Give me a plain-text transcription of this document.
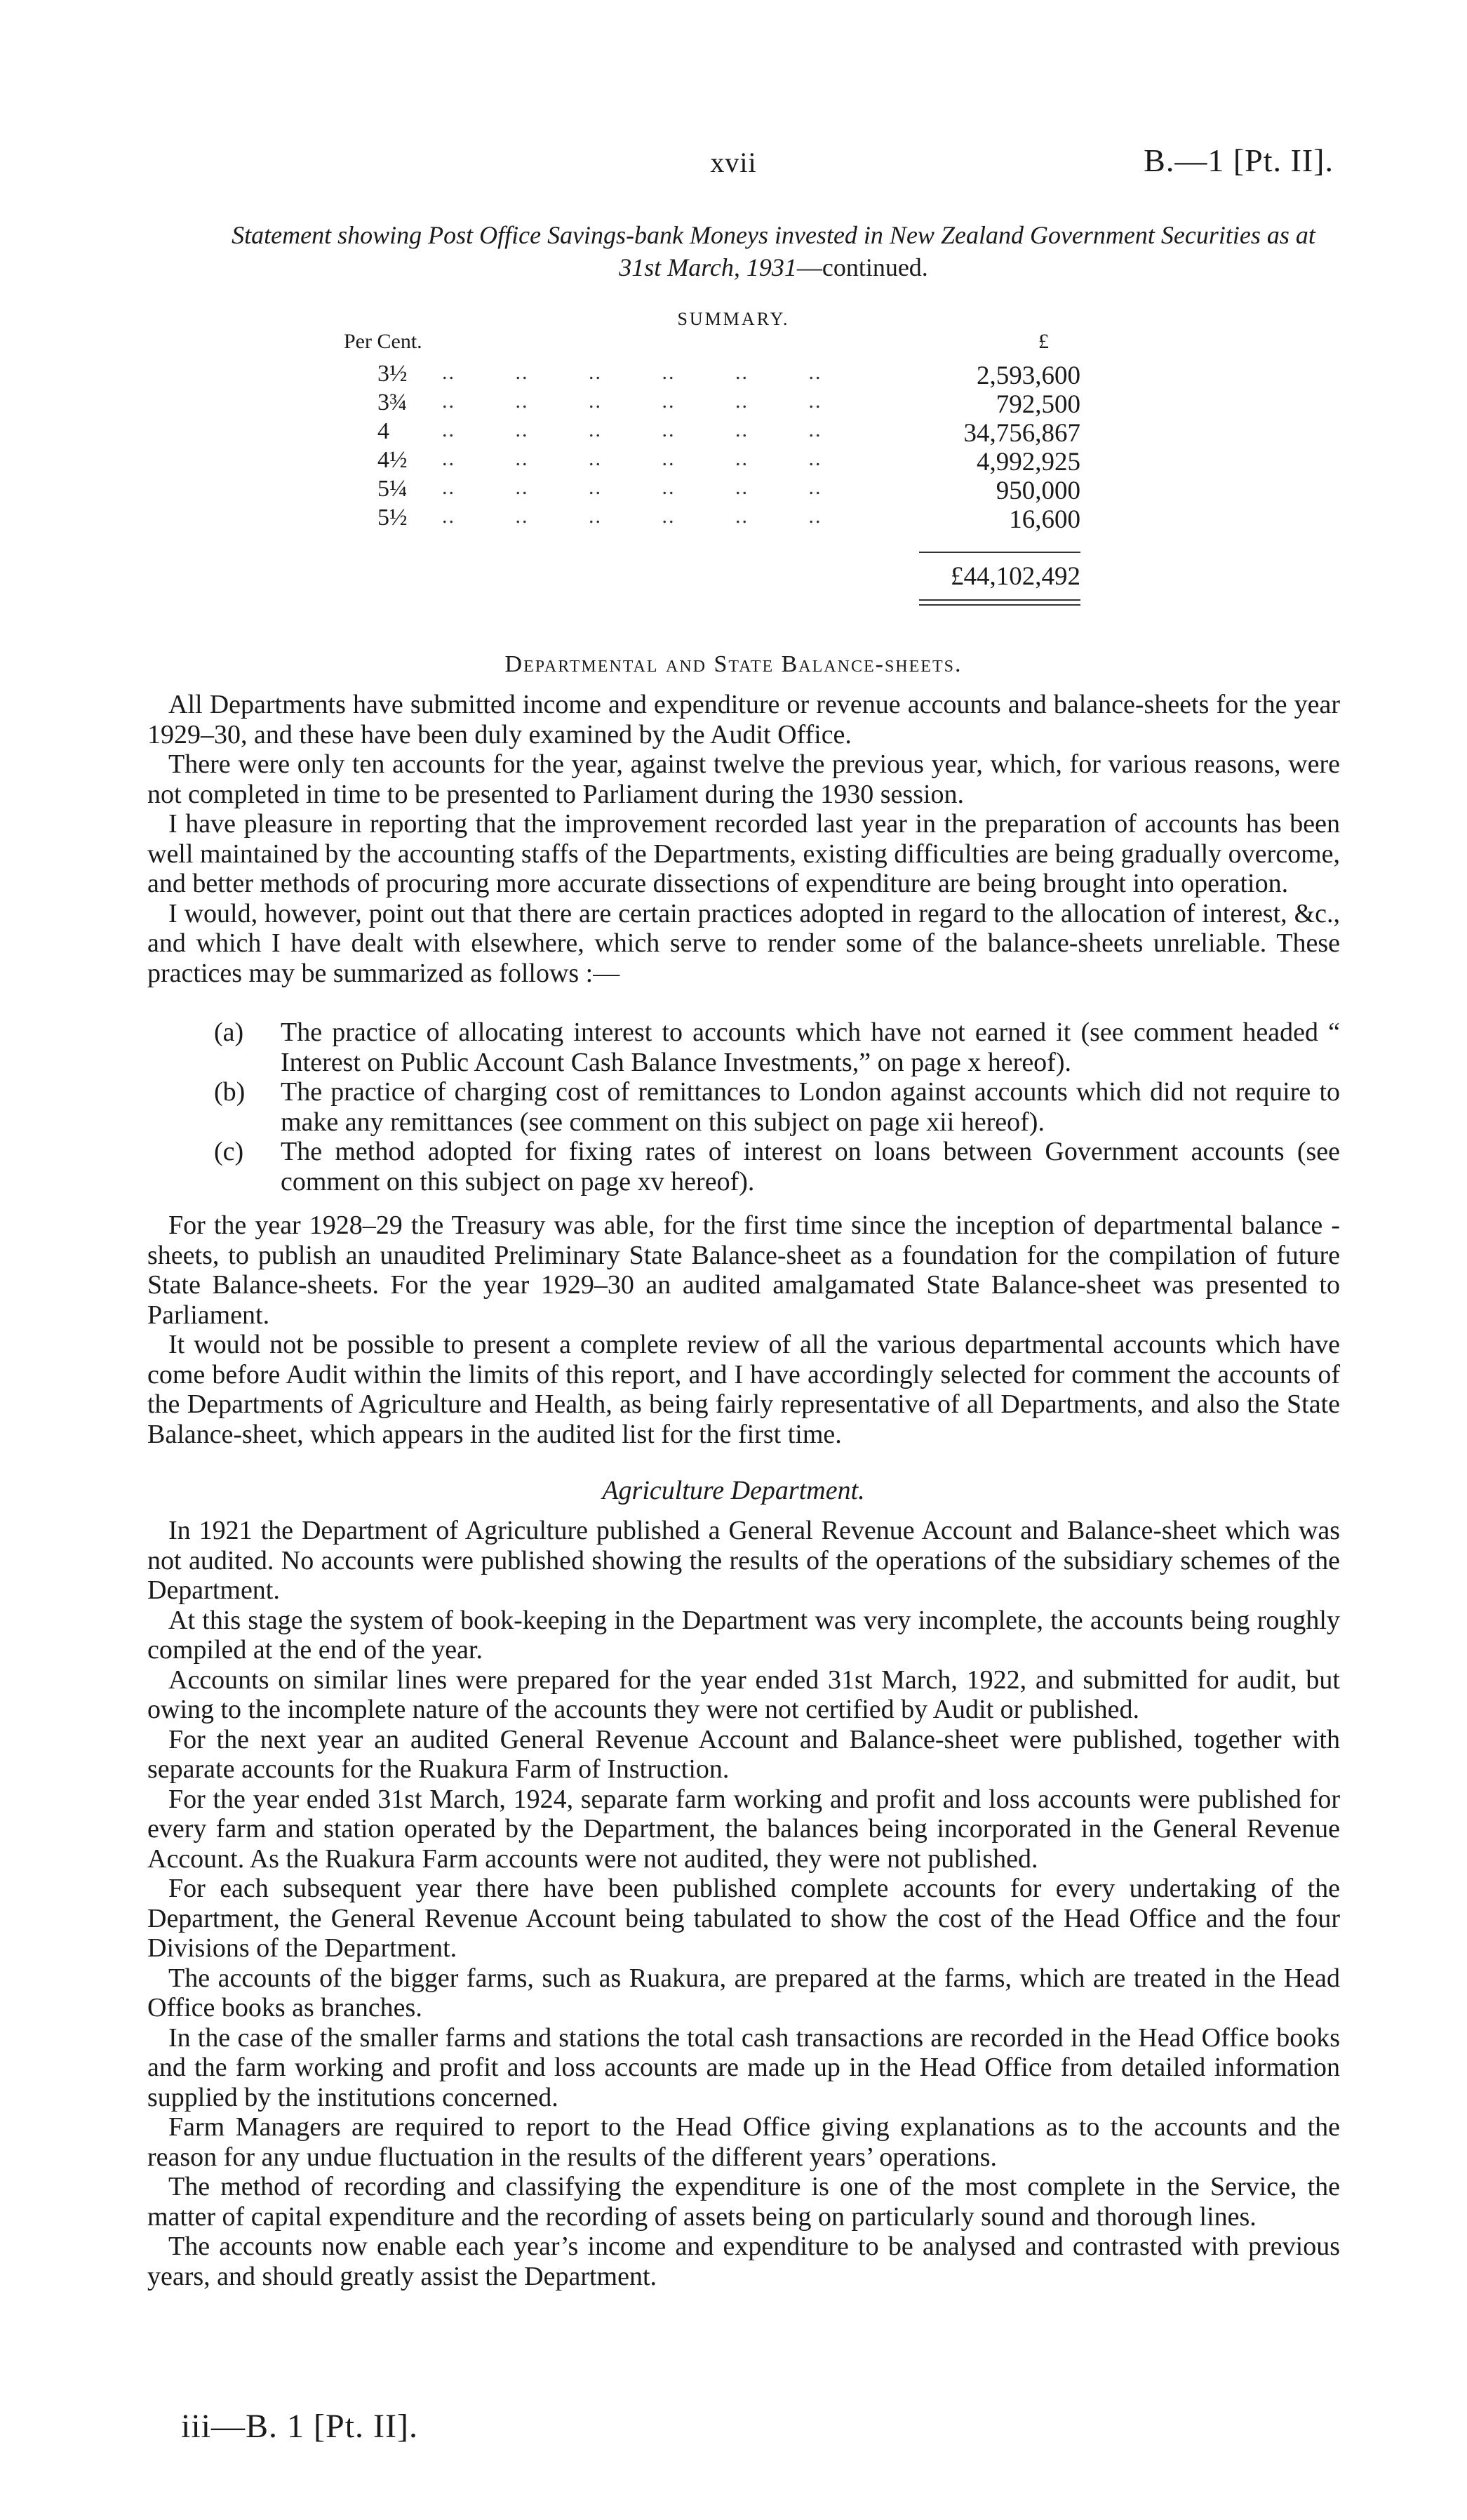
xvii	B.—1 [Pt. II].
Statement showing Post Office Savings-bank Moneys invested in New Zealand Government Securities as at 31st March, 1931—continued.
SUMMARY.
Per Cent.	£
3½ ..         ..         ..         ..         ..         ..	2,593,600
3¾ ..         ..         ..         ..         ..         ..	792,500
4	..         ..         ..         ..         ..         ..	34,756,867
4½ ..         ..         ..         ..         ..         ..	4,992,925
5¼ ..         ..         ..         ..         ..         ..	950,000
5½ ..         ..         ..         ..         ..         ..	16,600
£44,102,492
Departmental and State Balance-sheets.

All Departments have submitted income and expenditure or revenue accounts and balance-sheets for the year 1929–30, and these have been duly examined by the Audit Office.

There were only ten accounts for the year, against twelve the previous year, which, for various reasons, were not completed in time to be presented to Parliament during the 1930 session.

I have pleasure in reporting that the improvement recorded last year in the preparation of accounts has been well maintained by the accounting staffs of the Departments, existing difficulties are being gradually overcome, and better methods of procuring more accurate dissections of expenditure are being brought into operation.

I would, however, point out that there are certain practices adopted in regard to the allocation of interest, &c., and which I have dealt with elsewhere, which serve to render some of the balance-sheets unreliable. These practices may be summarized as follows :—

(a) The practice of allocating interest to accounts which have not earned it (see comment headed “ Interest on Public Account Cash Balance Investments,” on page x hereof).
(b) The practice of charging cost of remittances to London against accounts which did not require to make any remittances (see comment on this subject on page xii hereof).
(c) The method adopted for fixing rates of interest on loans between Government accounts (see comment on this subject on page xv hereof).

For the year 1928–29 the Treasury was able, for the first time since the inception of departmental balance - sheets, to publish an unaudited Preliminary State Balance-sheet as a foundation for the compilation of future State Balance-sheets. For the year 1929–30 an audited amalgamated State Balance-sheet was presented to Parliament.

It would not be possible to present a complete review of all the various departmental accounts which have come before Audit within the limits of this report, and I have accordingly selected for comment the accounts of the Departments of Agriculture and Health, as being fairly representative of all Departments, and also the State Balance-sheet, which appears in the audited list for the first time.

Agriculture Department.

In 1921 the Department of Agriculture published a General Revenue Account and Balance-sheet which was not audited. No accounts were published showing the results of the operations of the subsidiary schemes of the Department.

At this stage the system of book-keeping in the Department was very incomplete, the accounts being roughly compiled at the end of the year.

Accounts on similar lines were prepared for the year ended 31st March, 1922, and submitted for audit, but owing to the incomplete nature of the accounts they were not certified by Audit or published.

For the next year an audited General Revenue Account and Balance-sheet were published, together with separate accounts for the Ruakura Farm of Instruction.

For the year ended 31st March, 1924, separate farm working and profit and loss accounts were published for every farm and station operated by the Department, the balances being incorporated in the General Revenue Account. As the Ruakura Farm accounts were not audited, they were not published.

For each subsequent year there have been published complete accounts for every undertaking of the Department, the General Revenue Account being tabulated to show the cost of the Head Office and the four Divisions of the Department.

The accounts of the bigger farms, such as Ruakura, are prepared at the farms, which are treated in the Head Office books as branches.

In the case of the smaller farms and stations the total cash transactions are recorded in the Head Office books and the farm working and profit and loss accounts are made up in the Head Office from detailed information supplied by the institutions concerned.

Farm Managers are required to report to the Head Office giving explanations as to the accounts and the reason for any undue fluctuation in the results of the different years’ operations.

The method of recording and classifying the expenditure is one of the most complete in the Service, the matter of capital expenditure and the recording of assets being on particularly sound and thorough lines.

The accounts now enable each year’s income and expenditure to be analysed and contrasted with previous years, and should greatly assist the Department.

iii—B. 1 [Pt. II].
